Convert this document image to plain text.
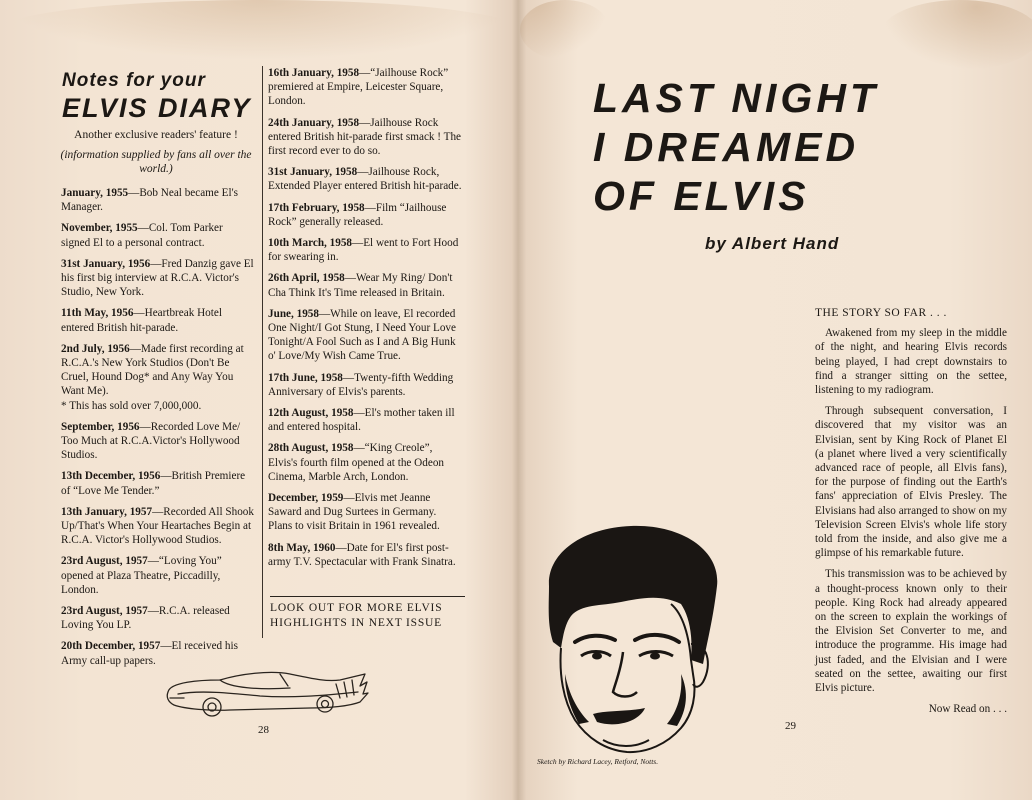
Notes for your
ELVIS DIARY
Another exclusive readers' feature !
(information supplied by fans all over the world.)
January, 1955—Bob Neal became El's Manager.
November, 1955—Col. Tom Parker signed El to a personal contract.
31st January, 1956—Fred Danzig gave El his first big interview at R.C.A. Victor's Studio, New York.
11th May, 1956—Heartbreak Hotel entered British hit-parade.
2nd July, 1956—Made first recording at R.C.A.'s New York Studios (Don't Be Cruel, Hound Dog* and Any Way You Want Me).
* This has sold over 7,000,000.
September, 1956—Recorded Love Me/ Too Much at R.C.A.Victor's Hollywood Studios.
13th December, 1956—British Premiere of “Love Me Tender.”
13th January, 1957—Recorded All Shook Up/That's When Your Heartaches Begin at R.C.A. Victor's Hollywood Studios.
23rd August, 1957—“Loving You” opened at Plaza Theatre, Piccadilly, London.
23rd August, 1957—R.C.A. released Loving You LP.
20th December, 1957—El received his Army call-up papers.
16th January, 1958—“Jailhouse Rock” premiered at Empire, Leicester Square, London.
24th January, 1958—Jailhouse Rock entered British hit-parade first smack ! The first record ever to do so.
31st January, 1958—Jailhouse Rock, Extended Player entered British hit-parade.
17th February, 1958—Film “Jailhouse Rock” generally released.
10th March, 1958—El went to Fort Hood for swearing in.
26th April, 1958—Wear My Ring/ Don't Cha Think It's Time released in Britain.
June, 1958—While on leave, El recorded One Night/I Got Stung, I Need Your Love Tonight/A Fool Such as I and A Big Hunk o' Love/My Wish Came True.
17th June, 1958—Twenty-fifth Wedding Anniversary of Elvis's parents.
12th August, 1958—El's mother taken ill and entered hospital.
28th August, 1958—“King Creole”, Elvis's fourth film opened at the Odeon Cinema, Marble Arch, London.
December, 1959—Elvis met Jeanne Saward and Dug Surtees in Germany. Plans to visit Britain in 1961 revealed.
8th May, 1960—Date for El's first post-army T.V. Spectacular with Frank Sinatra.
LOOK OUT FOR MORE ELVIS HIGHLIGHTS IN NEXT ISSUE
28
LAST NIGHT
I DREAMED
OF ELVIS
by Albert Hand
THE STORY SO FAR . . .

Awakened from my sleep in the middle of the night, and hearing Elvis records being played, I had crept downstairs to find a stranger sitting on the settee, listening to my radiogram.

Through subsequent conversation, I discovered that my visitor was an Elvisian, sent by King Rock of Planet El (a planet where lived a very scientifically advanced race of people, all Elvis fans), for the purpose of finding out the Earth's fans' appreciation of Elvis Presley. The Elvisians had also arranged to show on my Television Screen Elvis's whole life story told from the inside, and also give me a glimpse of his remarkable future.

This transmission was to be achieved by a thought-process known only to their people. King Rock had already appeared on the screen to explain the workings of the Elvision Set Converter to me, and introduce the programme. His image had just faded, and the Elvisian and I were seated on the settee, awaiting our first Elvis picture.

Now Read on . . .

Sketch by Richard Lacey, Retford, Notts.
29
